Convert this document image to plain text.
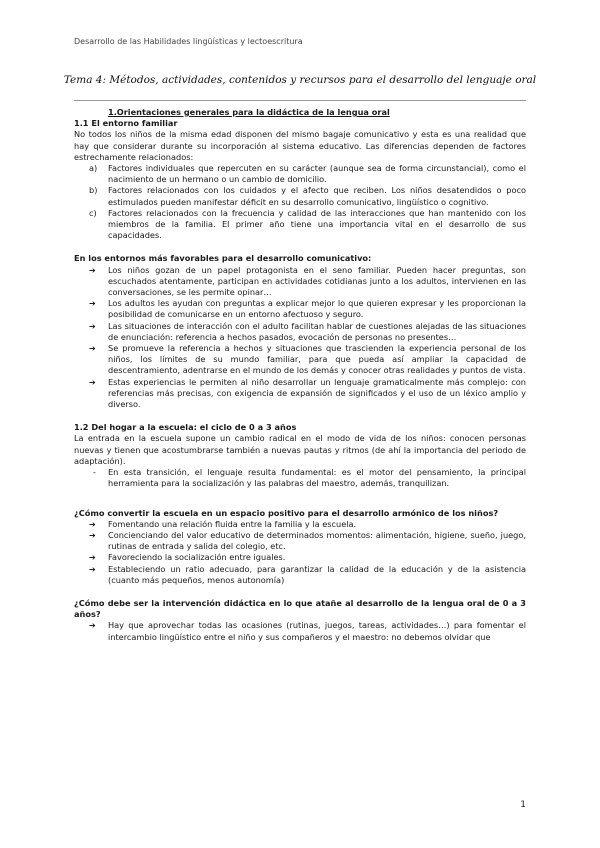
Desarrollo de las Habilidades lingüísticas y lectoescritura
Tema 4: Métodos, actividades, contenidos y recursos para el desarrollo del lenguaje oral

1.Orientaciones generales para la didáctica de la lengua oral

1.1 El entorno familiar

No todos los niños de la misma edad disponen del mismo bagaje comunicativo y esta es una realidad que hay que considerar durante su incorporación al sistema educativo. Las diferencias dependen de factores estrechamente relacionados:

a) Factores individuales que repercuten en su carácter (aunque sea de forma circunstancial), como el nacimiento de un hermano o un cambio de domicilio.
b) Factores relacionados con los cuidados y el afecto que reciben. Los niños desatendidos o poco estimulados pueden manifestar déficit en su desarrollo comunicativo, lingüístico o cognitivo.
c) Factores relacionados con la frecuencia y calidad de las interacciones que han mantenido con los miembros de la familia. El primer año tiene una importancia vital en el desarrollo de sus capacidades.

En los entornos más favorables para el desarrollo comunicativo:

➔ Los niños gozan de un papel protagonista en el seno familiar. Pueden hacer preguntas, son escuchados atentamente, participan en actividades cotidianas junto a los adultos, intervienen en las conversaciones, se les permite opinar…
➔ Los adultos les ayudan con preguntas a explicar mejor lo que quieren expresar y les proporcionan la posibilidad de comunicarse en un entorno afectuoso y seguro.
➔ Las situaciones de interacción con el adulto facilitan hablar de cuestiones alejadas de las situaciones de enunciación: referencia a hechos pasados, evocación de personas no presentes…
➔ Se promueve la referencia a hechos y situaciones que trascienden la experiencia personal de los niños, los límites de su mundo familiar, para que pueda así ampliar la capacidad de descentramiento, adentrarse en el mundo de los demás y conocer otras realidades y puntos de vista.
➔ Estas experiencias le permiten al niño desarrollar un lenguaje gramaticalmente más complejo: con referencias más precisas, con exigencia de expansión de significados y el uso de un léxico amplio y diverso.

1.2 Del hogar a la escuela: el ciclo de 0 a 3 años

La entrada en la escuela supone un cambio radical en el modo de vida de los niños: conocen personas nuevas y tienen que acostumbrarse también a nuevas pautas y ritmos (de ahí la importancia del periodo de adaptación).

- En esta transición, el lenguaje resulta fundamental: es el motor del pensamiento, la principal herramienta para la socialización y las palabras del maestro, además, tranquilizan.

¿Cómo convertir la escuela en un espacio positivo para el desarrollo armónico de los niños?

➔ Fomentando una relación fluida entre la familia y la escuela.
➔ Concienciando del valor educativo de determinados momentos: alimentación, higiene, sueño, juego, rutinas de entrada y salida del colegio, etc.
➔ Favoreciendo la socialización entre iguales.
➔ Estableciendo un ratio adecuado, para garantizar la calidad de la educación y de la asistencia (cuanto más pequeños, menos autonomía)

¿Cómo debe ser la intervención didáctica en lo que atañe al desarrollo de la lengua oral de 0 a 3 años?

➔ Hay que aprovechar todas las ocasiones (rutinas, juegos, tareas, actividades…) para fomentar el intercambio lingüístico entre el niño y sus compañeros y el maestro: no debemos olvidar que
1
